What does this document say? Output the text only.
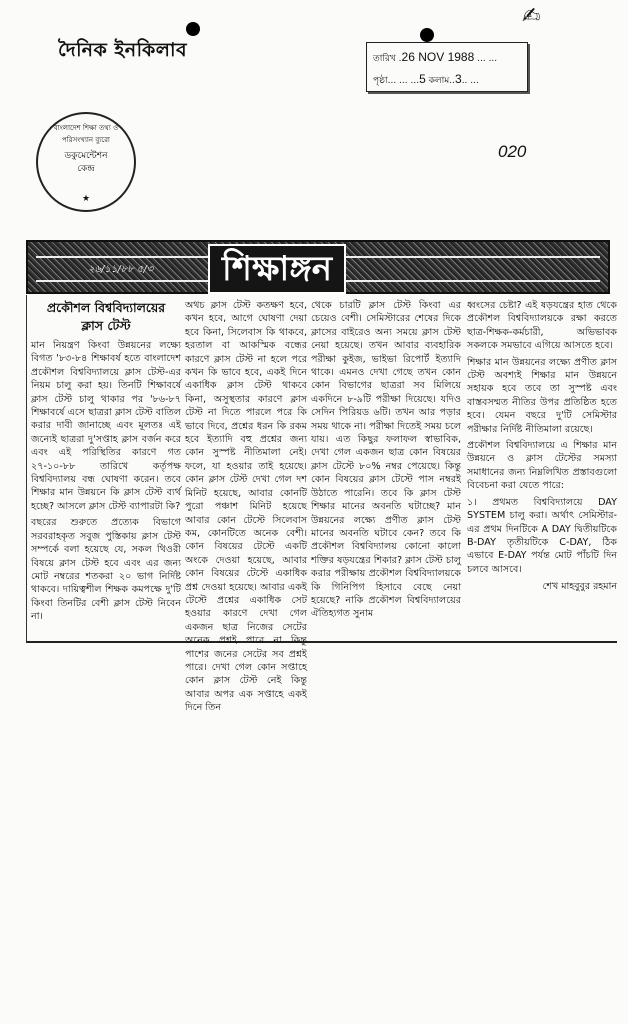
✍
দৈনিক ইনকিলাব	তারিখ .26 NOV 1988 ... ...
পৃষ্ঠা... ... ...5 কলাম..3.. ...
বাংলাদেশ শিক্ষা তথ্য ও পরিসংখ্যান ব্যুরো
ডকুমেন্টেশন
কেন্দ্র
★
020
২৬/১১/৮৮ ৫/৩	শিক্ষাঙ্গন
প্রকৌশল বিশ্ববিদ্যালয়ের
ক্লাস টেস্ট

মান নিয়ন্ত্রণ কিংবা উন্নয়নের লক্ষ্যে বিগত '৮৩-৮৪ শিক্ষাবর্ষ হতে বাংলাদেশ প্রকৌশল বিশ্ববিদ্যালয়ে ক্লাস টেস্ট-এর নিয়ম চালু করা হয়। তিনটি শিক্ষাবর্ষে ক্লাস টেস্ট চালু থাকার পর '৮৬-৮৭ শিক্ষাবর্ষে এসে ছাত্ররা ক্লাস টেস্ট বাতিল করার দাবী জানাচ্ছে এবং মূলতঃ এই জন্যেই ছাত্ররা দু'সপ্তাহ ক্লাস বর্জন করে এবং এই পরিস্থিতির কারণে গত ২৭-১০-৮৮ তারিখে কর্তৃপক্ষ বিশ্ববিদ্যালয় বন্ধ ঘোষণা করেন। তবে শিক্ষার মান উন্নয়নে কি ক্লাস টেস্ট ব্যর্থ হচ্ছে? আসলে ক্লাস টেস্ট ব্যাপারটা কি?

বছরের শুরুতে প্রত্যেক বিভাগে সরবরাহকৃত সবুজ পুস্তিকায় ক্লাস টেস্ট সম্পর্কে বলা হয়েছে যে, সকল থিওরী বিষয়ে ক্লাস টেস্ট হবে এবং এর জন্য মোট নম্বরের শতকরা ২০ ভাগ নির্দিষ্ট থাকবে। দায়িত্বশীল শিক্ষক কমপক্ষে দু'টি কিংবা তিনটির বেশী ক্লাস টেস্ট নিবেন না।

অথচ ক্লাস টেস্ট কতক্ষণ হবে, কখন হবে, আগে ঘোষণা দেয়া হবে কিনা, সিলেবাস কি থাকবে, হরতাল বা আকস্মিক বন্ধের কারণে ক্লাস টেস্ট না হলে পরে কখন কি ভাবে হবে, একই দিনে একাধিক ক্লাস টেস্ট থাকবে কিনা, অসুস্থতার কারণে ক্লাস টেস্ট না দিতে পারলে পরে কি ভাবে দিবে, প্রশ্নের ধরন কি রকম হবে ইত্যাদি বহু প্রশ্নের জন্য কোন সুস্পষ্ট নীতিমালা নেই। ফলে, যা হওয়ার তাই হয়েছে। কোন ক্লাস টেস্ট দেখা গেল দশ মিনিট হয়েছে, আবার কোনটি পুরো পঞ্চাশ মিনিট হয়েছে আবার কোন টেস্টে সিলেবাস কম, কোনটিতে অনেক বেশী। কোন বিষয়ের টেস্টে একটি অংকে দেওয়া হয়েছে, আবার কোন বিষয়ের টেস্টে একাধিক প্রশ্ন দেওয়া হয়েছে। আবার একই টেস্টে প্রশ্নের একাধিক সেট হওয়ার কারণে দেখা গেল একজন ছাত্র নিজের সেটের অনেক প্রশ্নই পারে না কিন্তু পাশের জনের সেটের সব প্রশ্নই পারে। দেখা গেল কোন সপ্তাহে কোন ক্লাস টেস্ট নেই কিন্তু আবার অপর এক সপ্তাহে একই দিনে তিন

থেকে চারটি ক্লাস টেস্ট কিংবা এর চেয়েও বেশী। সেমিস্টারের শেষের দিকে ক্লাসের বাইরেও অন্য সময়ে ক্লাস টেস্ট নেয়া হয়েছে। তখন আবার ব্যবহারিক পরীক্ষা কুইজ, ভাইভা রিপোর্ট ইত্যাদি থাকে। এমনও দেখা গেছে তখন কোন কোন বিভাগের ছাত্ররা সব মিলিয়ে একদিনে ৮-৯টি পরীক্ষা দিয়েছে। যদিও সেদিন পিরিয়ড ৬টি। তখন আর পড়ার সময় থাকে না। পরীক্ষা দিতেই সময় চলে যায়। এত কিছুর ফলাফল স্বাভাবিক, দেখা গেল একজন ছাত্র কোন বিষয়ের ক্লাস টেস্টে ৮০% নম্বর পেয়েছে। কিন্তু কোন বিষয়ের ক্লাস টেস্টে পাস নম্বরই উঠাতে পারেনি। তবে কি ক্লাস টেস্ট শিক্ষার মানের অবনতি ঘটাচ্ছে? মান উন্নয়নের লক্ষ্যে প্রণীত ক্লাস টেস্ট মানের অবনতি ঘটাবে কেন? তবে কি প্রকৌশল বিশ্ববিদ্যালয় কোনো কালো শক্তির ষড়যন্ত্রের শিকার? ক্লাস টেস্ট চালু করার পরীক্ষায় প্রকৌশল বিশ্ববিদ্যালয়কে কি গিনিপিগ হিসাবে বেছে নেয়া হয়েছে? নাকি প্রকৌশল বিশ্ববিদ্যালয়ের ঐতিহ্যগত সুনাম

ধ্বংসের চেষ্টা? এই ষড়যন্ত্রের হাত থেকে প্রকৌশল বিশ্ববিদ্যালয়কে রক্ষা করতে ছাত্র-শিক্ষক-কর্মচারী, অভিভাবক সকলকে সমভাবে এগিয়ে আসতে হবে।

শিক্ষার মান উন্নয়নের লক্ষ্যে প্রণীত ক্লাস টেস্ট অবশ্যই শিক্ষার মান উন্নয়নে সহায়ক হবে তবে তা সুস্পষ্ট এবং বাস্তবসম্মত নীতির উপর প্রতিষ্ঠিত হতে হবে। যেমন বছরে দু'টি সেমিস্টার পরীক্ষার নির্দিষ্ট নীতিমালা রয়েছে।

প্রকৌশল বিশ্ববিদ্যালয়ে এ শিক্ষার মান উন্নয়নে ও ক্লাস টেস্টের সমস্যা সমাধানের জন্য নিম্নলিখিত প্রস্তাবগুলো বিবেচনা করা যেতে পারে:

১। প্রথমত বিশ্ববিদ্যালয়ে DAY SYSTEM চালু করা। অর্থাৎ সেমিস্টার-এর প্রথম দিনটিকে A DAY দ্বিতীয়টিকে B-DAY তৃতীয়টিকে C-DAY, ঠিক এভাবে E-DAY পর্যন্ত মোট পাঁচটি দিন চলবে আসবে।

শেখ মাহবুবুর রহমান
